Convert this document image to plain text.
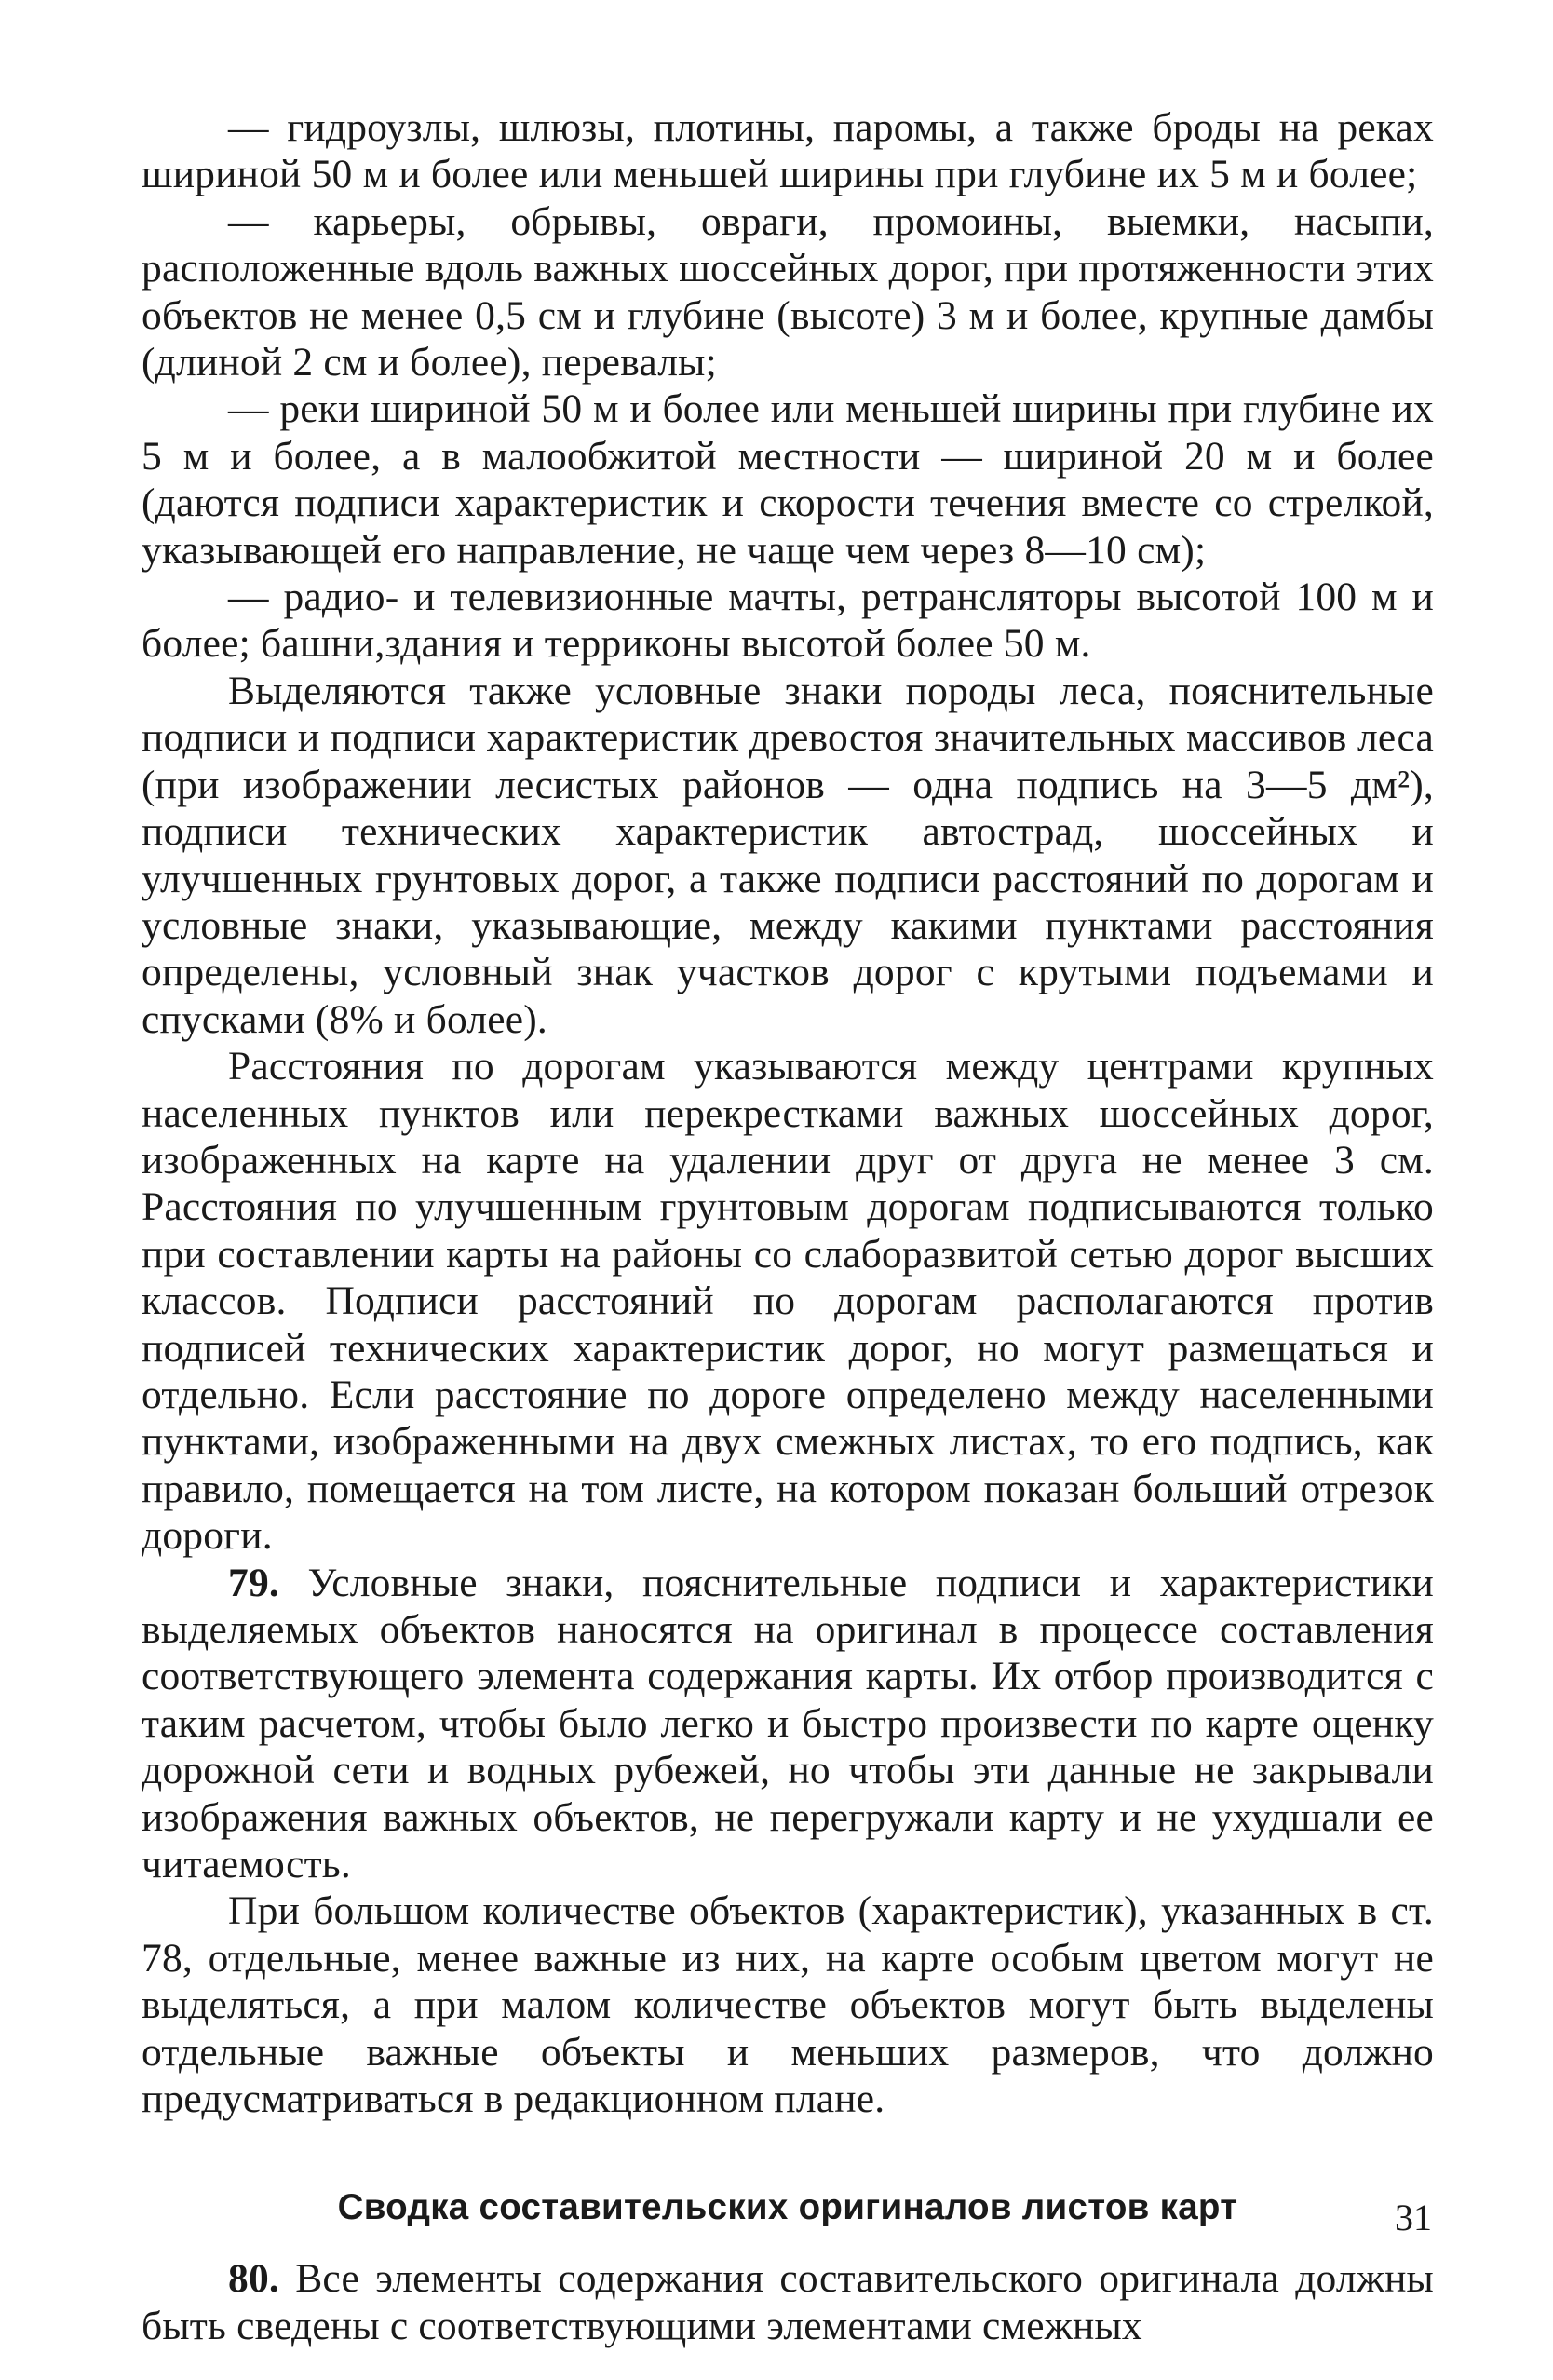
— гидроузлы, шлюзы, плотины, паромы, а также броды на реках шириной 50 м и более или меньшей ширины при глубине их 5 м и более;

— карьеры, обрывы, овраги, промоины, выемки, насыпи, расположенные вдоль важных шоссейных дорог, при протяженности этих объектов не менее 0,5 см и глубине (высоте) 3 м и более, крупные дамбы (длиной 2 см и более), перевалы;

— реки шириной 50 м и более или меньшей ширины при глубине их 5 м и более, а в малообжитой местности — шириной 20 м и более (даются подписи характеристик и скорости течения вместе со стрелкой, указывающей его направление, не чаще чем через 8—10 см);

— радио- и телевизионные мачты, ретрансляторы высотой 100 м и более; башни,здания и терриконы высотой более 50 м.

Выделяются также условные знаки породы леса, пояснительные подписи и подписи характеристик древостоя значительных массивов леса (при изображении лесистых районов — одна подпись на 3—5 дм²), подписи технических характеристик автострад, шоссейных и улучшенных грунтовых дорог, а также подписи расстояний по дорогам и условные знаки, указывающие, между какими пунктами расстояния определены, условный знак участков дорог с крутыми подъемами и спусками (8% и более).

Расстояния по дорогам указываются между центрами крупных населенных пунктов или перекрестками важных шоссейных дорог, изображенных на карте на удалении друг от друга не менее 3 см. Расстояния по улучшенным грунтовым дорогам подписываются только при составлении карты на районы со слаборазвитой сетью дорог высших классов. Подписи расстояний по дорогам располагаются против подписей технических характеристик дорог, но могут размещаться и отдельно. Если расстояние по дороге определено между населенными пунктами, изображенными на двух смежных листах, то его подпись, как правило, помещается на том листе, на котором показан больший отрезок дороги.

79. Условные знаки, пояснительные подписи и характеристики выделяемых объектов наносятся на оригинал в процессе составления соответствующего элемента содержания карты. Их отбор производится с таким расчетом, чтобы было легко и быстро произвести по карте оценку дорожной сети и водных рубежей, но чтобы эти данные не закрывали изображения важных объектов, не перегружали карту и не ухудшали ее читаемость.

При большом количестве объектов (характеристик), указанных в ст. 78, отдельные, менее важные из них, на карте особым цветом могут не выделяться, а при малом количестве объектов могут быть выделены отдельные важные объекты и меньших размеров, что должно предусматриваться в редакционном плане.

Сводка составительских оригиналов листов карт

80. Все элементы содержания составительского оригинала должны быть сведены с соответствующими элементами смежных

31
